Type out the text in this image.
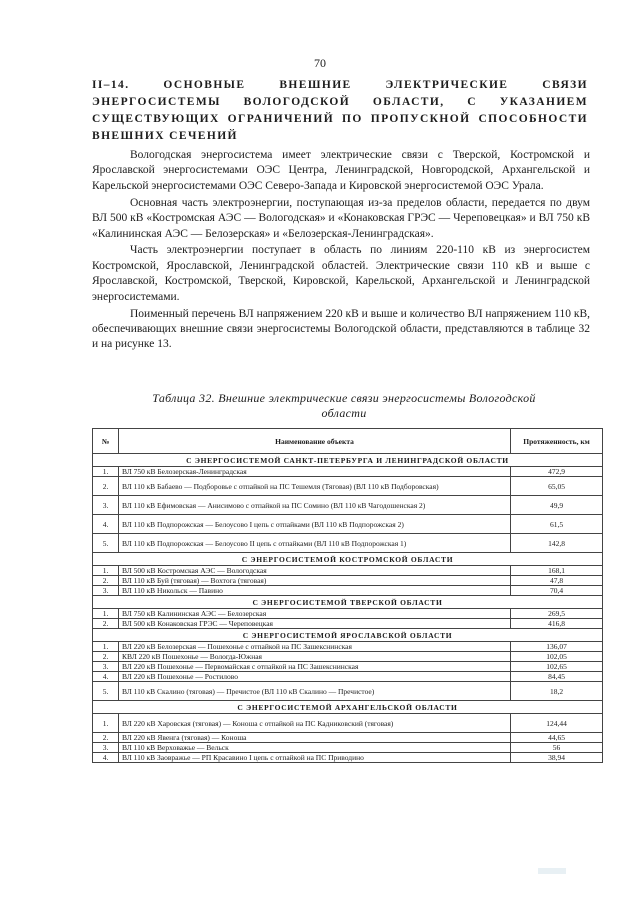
70
II–14. ОСНОВНЫЕ ВНЕШНИЕ ЭЛЕКТРИЧЕСКИЕ СВЯЗИ
ЭНЕРГОСИСТЕМЫ ВОЛОГОДСКОЙ ОБЛАСТИ, С УКАЗАНИЕМ
СУЩЕСТВУЮЩИХ ОГРАНИЧЕНИЙ ПО ПРОПУСКНОЙ СПОСОБНОСТИ
ВНЕШНИХ СЕЧЕНИЙ

Вологодская энергосистема имеет электрические связи с Тверской, Костромской и Ярославской энергосистемами ОЭС Центра, Ленинградской, Новгородской, Архангельской и Карельской энергосистемами ОЭС Северо-Запада и Кировской энергосистемой ОЭС Урала.

Основная часть электроэнергии, поступающая из-за пределов области, передается по двум ВЛ 500 кВ «Костромская АЭС — Вологодская» и «Конаковская ГРЭС — Череповецкая» и ВЛ 750 кВ «Калининская АЭС — Белозерская» и «Белозерская-Ленинградская».

Часть электроэнергии поступает в область по линиям 220-110 кВ из энергосистем Костромской, Ярославской, Ленинградской областей. Электрические связи 110 кВ и выше с Ярославской, Костромской, Тверской, Кировской, Карельской, Архангельской и Ленинградской энергосистемами.

Поименный перечень ВЛ напряжением 220 кВ и выше и количество ВЛ напряжением 110 кВ, обеспечивающих внешние связи энергосистемы Вологодской области, представляются в таблице 32 и на рисунке 13.

Таблица 32. Внешние электрические связи энергосистемы Вологодской
области
№	Наименование объекта	Протяженность, км
С ЭНЕРГОСИСТЕМОЙ САНКТ-ПЕТЕРБУРГА И ЛЕНИНГРАДСКОЙ ОБЛАСТИ		
1.	ВЛ 750 кВ Белозерская-Ленинградская	472,9
2.	ВЛ 110 кВ Бабаево — Подборовье с отпайкой на ПС Тешемля (Тяговая) (ВЛ 110 кВ Подборовская)	65,05
3.	ВЛ 110 кВ Ефимовская — Анисимово с отпайкой на ПС Сомино (ВЛ 110 кВ Чагодошенская 2)	49,9
4.	ВЛ 110 кВ Подпорожская — Белоусово I цепь с отпайками (ВЛ 110 кВ Подпорожская 2)	61,5
5.	ВЛ 110 кВ Подпорожская — Белоусово II цепь с отпайками (ВЛ 110 кВ Подпорожская 1)	142,8
С ЭНЕРГОСИСТЕМОЙ КОСТРОМСКОЙ ОБЛАСТИ		
1.	ВЛ 500 кВ Костромская АЭС — Вологодская	168,1
2.	ВЛ 110 кВ Буй (тяговая) — Вохтога (тяговая)	47,8
3.	ВЛ 110 кВ Никольск — Павино	70,4
С ЭНЕРГОСИСТЕМОЙ ТВЕРСКОЙ ОБЛАСТИ		
1.	ВЛ 750 кВ Калининская АЭС — Белозерская	269,5
2.	ВЛ 500 кВ Конаковская ГРЭС — Череповецкая	416,8
С ЭНЕРГОСИСТЕМОЙ ЯРОСЛАВСКОЙ ОБЛАСТИ		
1.	ВЛ 220 кВ Белозерская — Пошехонье с отпайкой на ПС Зашекснинская	136,07
2.	КВЛ 220 кВ Пошехонье — Вологда-Южная	102,05
3.	ВЛ 220 кВ Пошехонье — Первомайская с отпайкой на ПС Зашекснинская	102,65
4.	ВЛ 220 кВ Пошехонье — Ростилово	84,45
5.	ВЛ 110 кВ Скалино (тяговая) — Пречистое (ВЛ 110 кВ Скалино — Пречистое)	18,2
С ЭНЕРГОСИСТЕМОЙ АРХАНГЕЛЬСКОЙ ОБЛАСТИ		
1.	ВЛ 220 кВ Харовская (тяговая) — Коноша с отпайкой на ПС Кадниковский (тяговая)	124,44
2.	ВЛ 220 кВ Явенга (тяговая) — Коноша	44,65
3.	ВЛ 110 кВ Верховажье — Вельск	56
4.	ВЛ 110 кВ Заовражье — РП Красавино I цепь с отпайкой на ПС Приводино	38,94
